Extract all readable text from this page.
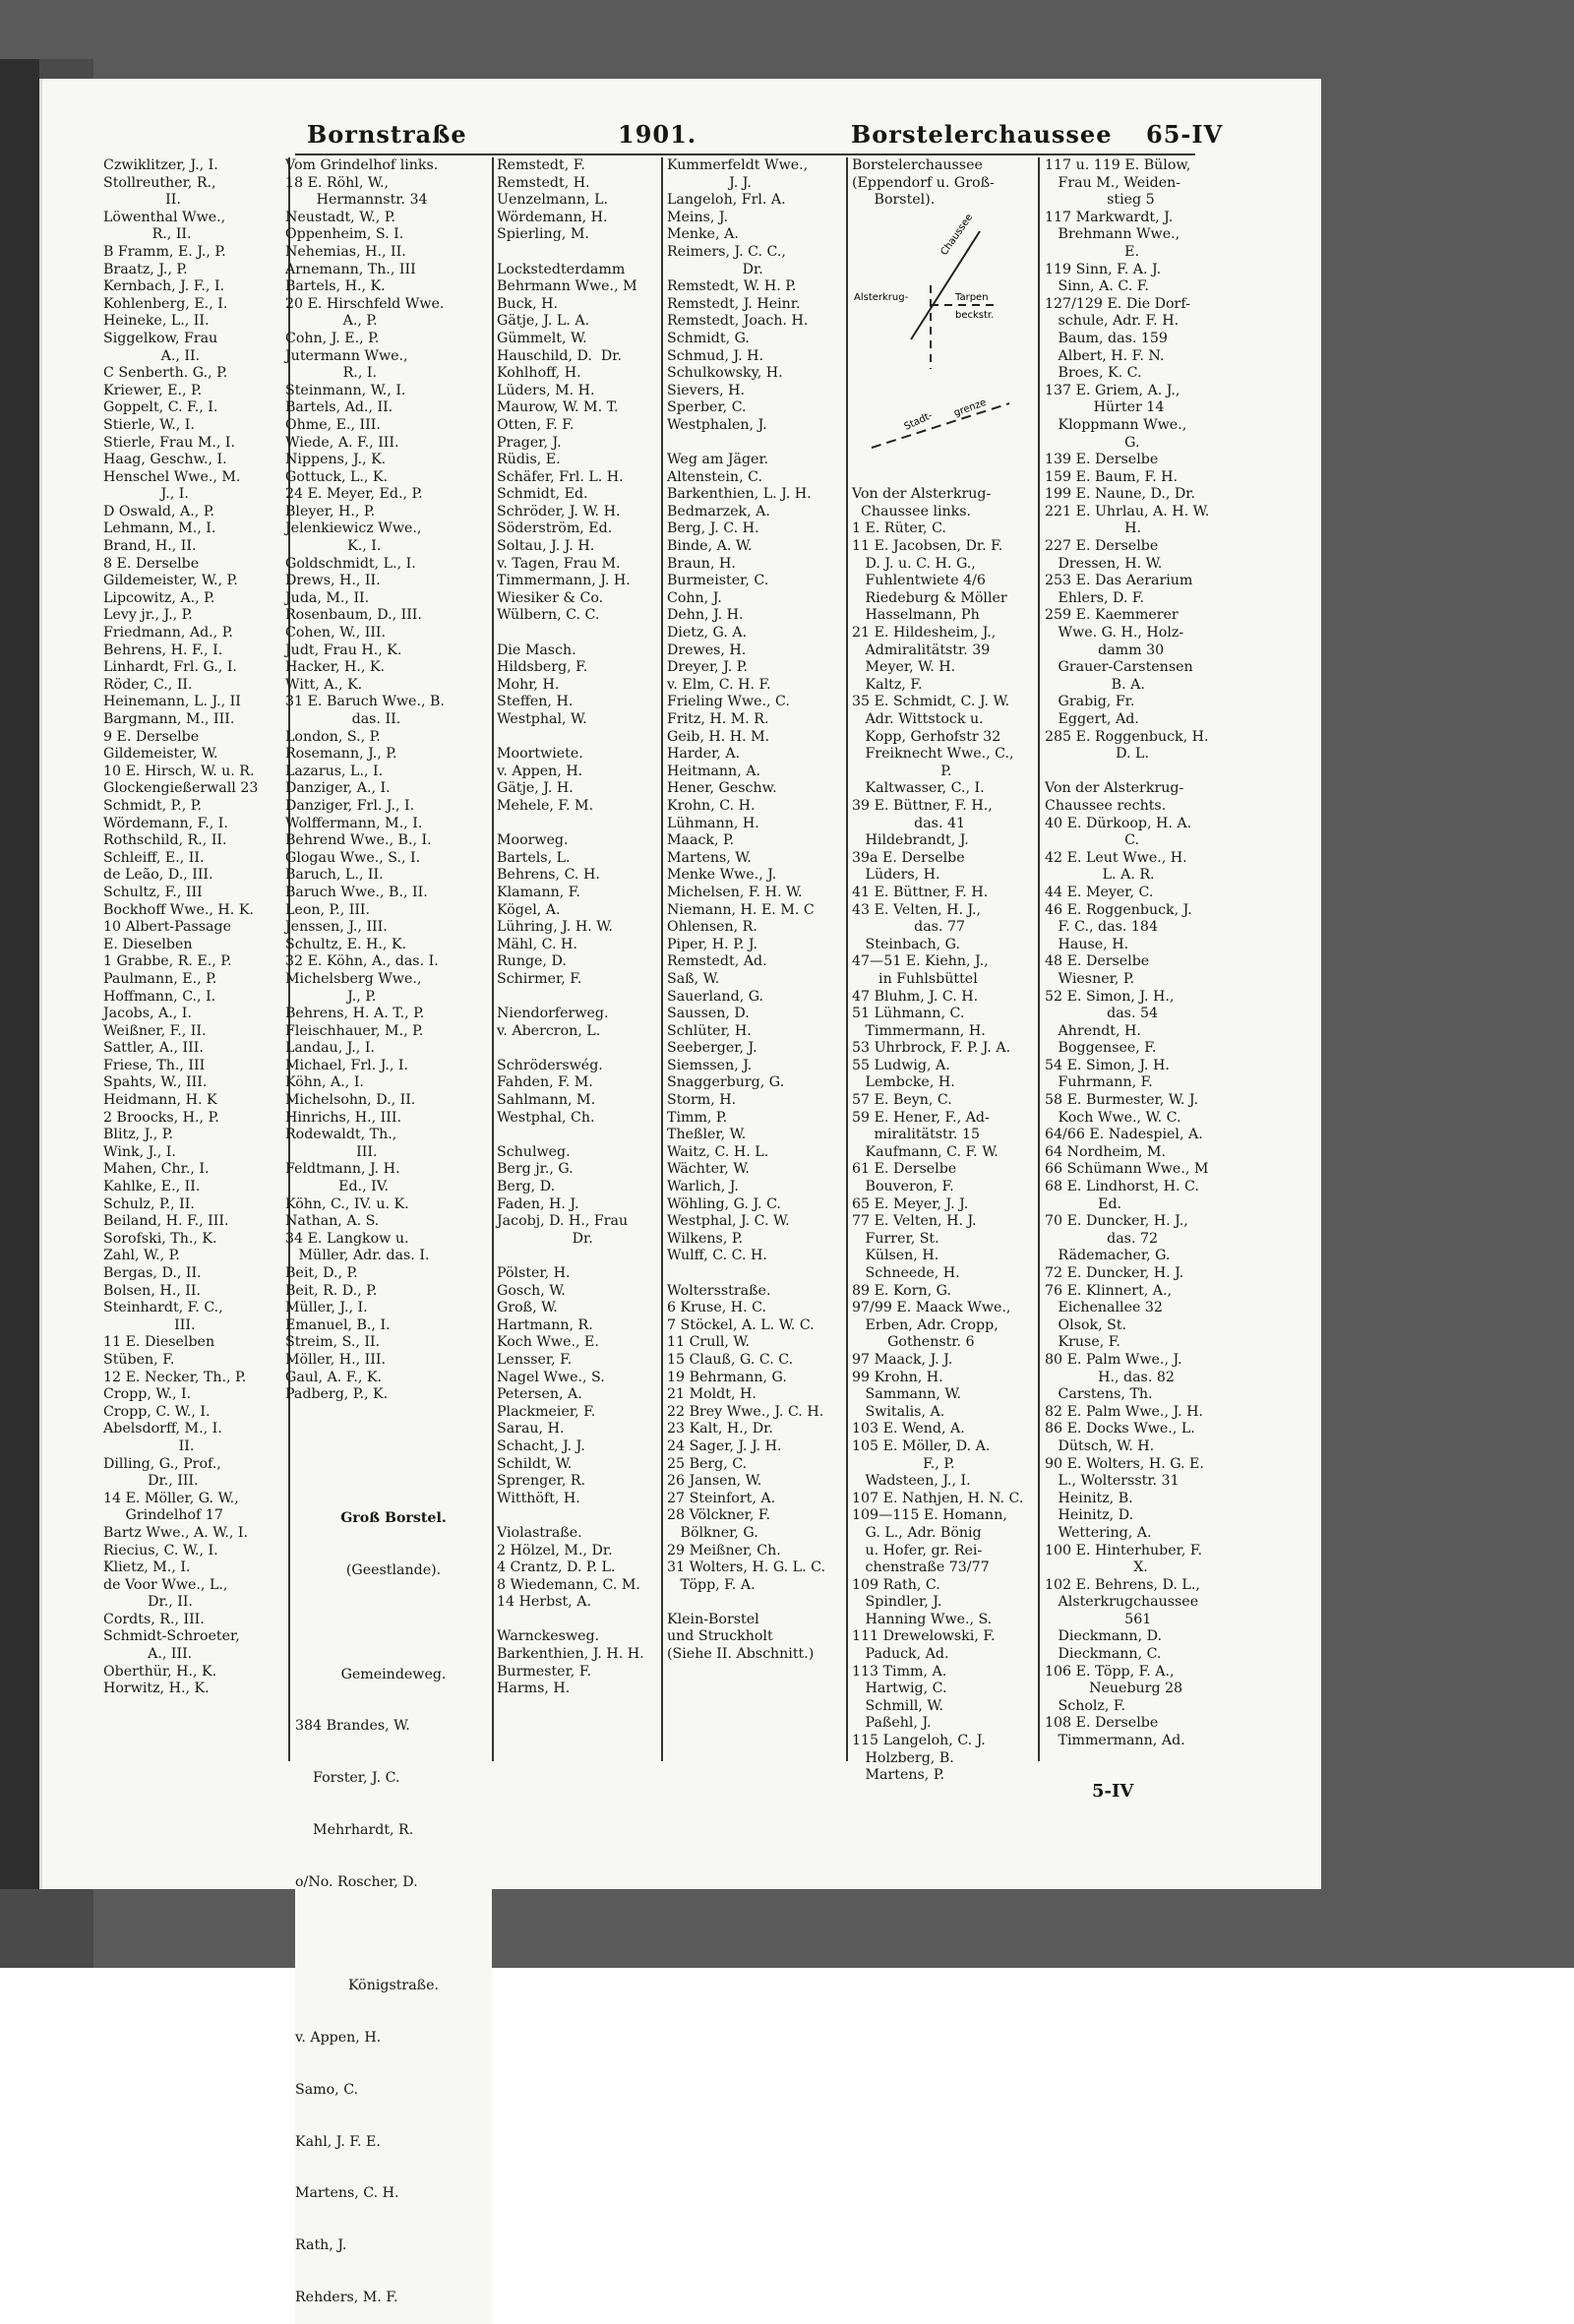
Bornstraße	1901.	Borstelerchaussee 65-IV
Czwiklitzer, J., I.
Stollreuther, R.,
II.
Löwenthal Wwe.,
R., II.
B Framm, E. J., P.
Braatz, J., P.
Kernbach, J. F., I.
Kohlenberg, E., I.
Heineke, L., II.
Siggelkow, Frau
A., II.
C Senberth. G., P.
Kriewer, E., P.
Goppelt, C. F., I.
Stierle, W., I.
Stierle, Frau M., I.
Haag, Geschw., I.
Henschel Wwe., M.
J., I.
D Oswald, A., P.
Lehmann, M., I.
Brand, H., II.
8 E. Derselbe
Gildemeister, W., P.
Lipcowitz, A., P.
Levy jr., J., P.
Friedmann, Ad., P.
Behrens, H. F., I.
Linhardt, Frl. G., I.
Röder, C., II.
Heinemann, L. J., II
Bargmann, M., III.
9 E. Derselbe
Gildemeister, W.
10 E. Hirsch, W. u. R.
Glockengießerwall 23
Schmidt, P., P.
Wördemann, F., I.
Rothschild, R., II.
Schleiff, E., II.
de Leão, D., III.
Schultz, F., III
Bockhoff Wwe., H. K.
10 Albert-Passage
E. Dieselben
1 Grabbe, R. E., P.
Paulmann, E., P.
Hoffmann, C., I.
Jacobs, A., I.
Weißner, F., II.
Sattler, A., III.
Friese, Th., III
Spahts, W., III.
Heidmann, H. K
2 Broocks, H., P.
Blitz, J., P.
Wink, J., I.
Mahen, Chr., I.
Kahlke, E., II.
Schulz, P., II.
Beiland, H. F., III.
Sorofski, Th., K.
Zahl, W., P.
Bergas, D., II.
Bolsen, H., II.
Steinhardt, F. C.,
III.
11 E. Dieselben
Stüben, F.
12 E. Necker, Th., P.
Cropp, W., I.
Cropp, C. W., I.
Abelsdorff, M., I.
II.
Dilling, G., Prof.,
Dr., III.
14 E. Möller, G. W.,
Grindelhof 17
Bartz Wwe., A. W., I.
Riecius, C. W., I.
Klietz, M., I.
de Voor Wwe., L.,
Dr., II.
Cordts, R., III.
Schmidt-Schroeter,
A., III.
Oberthür, H., K.
Horwitz, H., K.
Vom Grindelhof links.
18 E. Röhl, W.,
Hermannstr. 34
Neustadt, W., P.
Oppenheim, S. I.
Nehemias, H., II.
Arnemann, Th., III
Bartels, H., K.
20 E. Hirschfeld Wwe.
A., P.
Cohn, J. E., P.
Jutermann Wwe.,
R., I.
Steinmann, W., I.
Bartels, Ad., II.
Ohme, E., III.
Wiede, A. F., III.
Nippens, J., K.
Gottuck, L., K.
24 E. Meyer, Ed., P.
Bleyer, H., P.
Jelenkiewicz Wwe.,
K., I.
Goldschmidt, L., I.
Drews, H., II.
Juda, M., II.
Rosenbaum, D., III.
Cohen, W., III.
Judt, Frau H., K.
Hacker, H., K.
Witt, A., K.
31 E. Baruch Wwe., B.
das. II.
London, S., P.
Rosemann, J., P.
Lazarus, L., I.
Danziger, A., I.
Danziger, Frl. J., I.
Wolffermann, M., I.
Behrend Wwe., B., I.
Glogau Wwe., S., I.
Baruch, L., II.
Baruch Wwe., B., II.
Leon, P., III.
Jenssen, J., III.
Schultz, E. H., K.
32 E. Köhn, A., das. I.
Michelsberg Wwe.,
J., P.
Behrens, H. A. T., P.
Fleischhauer, M., P.
Landau, J., I.
Michael, Frl. J., I.
Köhn, A., I.
Michelsohn, D., II.
Hinrichs, H., III.
Rodewaldt, Th.,
III.
Feldtmann, J. H.
Ed., IV.
Köhn, C., IV. u. K.
Nathan, A. S.
34 E. Langkow u.
Müller, Adr. das. I.
Beit, D., P.
Beit, R. D., P.
Müller, J., I.
Emanuel, B., I.
Streim, S., II.
Möller, H., III.
Gaul, A. F., K.
Padberg, P., K.
Remstedt, F.
Remstedt, H.
Uenzelmann, L.
Wördemann, H.
Spierling, M.
Lockstedterdamm
Behrmann Wwe., M
Buck, H.
Gätje, J. L. A.
Gümmelt, W.
Hauschild, D.  Dr.
Kohlhoff, H.
Lüders, M. H.
Maurow, W. M. T.
Otten, F. F.
Prager, J.
Rüdis, E.
Schäfer, Frl. L. H.
Schmidt, Ed.
Schröder, J. W. H.
Söderström, Ed.
Soltau, J. J. H.
v. Tagen, Frau M.
Timmermann, J. H.
Wiesiker & Co.
Wülbern, C. C.
Die Masch.
Hildsberg, F.
Mohr, H.
Steffen, H.
Westphal, W.
Moortwiete.
v. Appen, H.
Gätje, J. H.
Mehele, F. M.
Moorweg.
Bartels, L.
Behrens, C. H.
Klamann, F.
Kögel, A.
Lühring, J. H. W.
Mähl, C. H.
Runge, D.
Schirmer, F.
Niendorferweg.
v. Abercron, L.
Schröderswég.
Fahden, F. M.
Sahlmann, M.
Westphal, Ch.
Schulweg.
Berg jr., G.
Berg, D.
Faden, H. J.
Jacobj, D. H., Frau
Dr.
Pölster, H.
Gosch, W.
Groß, W.
Hartmann, R.
Koch Wwe., E.
Lensser, F.
Nagel Wwe., S.
Petersen, A.
Plackmeier, F.
Sarau, H.
Schacht, J. J.
Schildt, W.
Sprenger, R.
Witthöft, H.
Violastraße.
2 Hölzel, M., Dr.
4 Crantz, D. P. L.
8 Wiedemann, C. M.
14 Herbst, A.
Warnckesweg.
Barkenthien, J. H. H.
Burmester, F.
Harms, H.
Kummerfeldt Wwe.,
J. J.
Langeloh, Frl. A.
Meins, J.
Menke, A.
Reimers, J. C. C.,
Dr.
Remstedt, W. H. P.
Remstedt, J. Heinr.
Remstedt, Joach. H.
Schmidt, G.
Schmud, J. H.
Schulkowsky, H.
Sievers, H.
Sperber, C.
Westphalen, J.
Weg am Jäger.
Altenstein, C.
Barkenthien, L. J. H.
Bedmarzek, A.
Berg, J. C. H.
Binde, A. W.
Braun, H.
Burmeister, C.
Cohn, J.
Dehn, J. H.
Dietz, G. A.
Drewes, H.
Dreyer, J. P.
v. Elm, C. H. F.
Frieling Wwe., C.
Fritz, H. M. R.
Geib, H. H. M.
Harder, A.
Heitmann, A.
Hener, Geschw.
Krohn, C. H.
Lühmann, H.
Maack, P.
Martens, W.
Menke Wwe., J.
Michelsen, F. H. W.
Niemann, H. E. M. C
Ohlensen, R.
Piper, H. P. J.
Remstedt, Ad.
Saß, W.
Sauerland, G.
Saussen, D.
Schlüter, H.
Seeberger, J.
Siemssen, J.
Snaggerburg, G.
Storm, H.
Timm, P.
Theßler, W.
Waitz, C. H. L.
Wächter, W.
Warlich, J.
Wöhling, G. J. C.
Westphal, J. C. W.
Wilkens, P.
Wulff, C. C. H.
Woltersstraße.
6 Kruse, H. C.
7 Stöckel, A. L. W. C.
11 Crull, W.
15 Clauß, G. C. C.
19 Behrmann, G.
21 Moldt, H.
22 Brey Wwe., J. C. H.
23 Kalt, H., Dr.
24 Sager, J. J. H.
25 Berg, C.
26 Jansen, W.
27 Steinfort, A.
28 Völckner, F.
Bölkner, G.
29 Meißner, Ch.
31 Wolters, H. G. L. C.
Töpp, F. A.
Klein-Borstel
und Struckholt
(Siehe II. Abschnitt.)
Borstelerchaussee
(Eppendorf u. Groß-
Borstel).
Von der Alsterkrug-
Chaussee links.
1 E. Rüter, C.
11 E. Jacobsen, Dr. F.
D. J. u. C. H. G.,
Fuhlentwiete 4/6
Riedeburg & Möller
Hasselmann, Ph
21 E. Hildesheim, J.,
Admiralitätstr. 39
Meyer, W. H.
Kaltz, F.
35 E. Schmidt, C. J. W.
Adr. Wittstock u.
Kopp, Gerhofstr 32
Freiknecht Wwe., C.,
P.
Kaltwasser, C., I.
39 E. Büttner, F. H.,
das. 41
Hildebrandt, J.
39a E. Derselbe
Lüders, H.
41 E. Büttner, F. H.
43 E. Velten, H. J.,
das. 77
Steinbach, G.
47—51 E. Kiehn, J.,
in Fuhlsbüttel
47 Bluhm, J. C. H.
51 Lühmann, C.
Timmermann, H.
53 Uhrbrock, F. P. J. A.
55 Ludwig, A.
Lembcke, H.
57 E. Beyn, C.
59 E. Hener, F., Ad-
miralitätstr. 15
Kaufmann, C. F. W.
61 E. Derselbe
Bouveron, F.
65 E. Meyer, J. J.
77 E. Velten, H. J.
Furrer, St.
Külsen, H.
Schneede, H.
89 E. Korn, G.
97/99 E. Maack Wwe.,
Erben, Adr. Cropp,
Gothenstr. 6
97 Maack, J. J.
99 Krohn, H.
Sammann, W.
Switalis, A.
103 E. Wend, A.
105 E. Möller, D. A.
F., P.
Wadsteen, J., I.
107 E. Nathjen, H. N. C.
109—115 E. Homann,
G. L., Adr. Bönig
u. Hofer, gr. Rei-
chenstraße 73/77
109 Rath, C.
Spindler, J.
Hanning Wwe., S.
111 Drewelowski, F.
Paduck, Ad.
113 Timm, A.
Hartwig, C.
Schmill, W.
Paßehl, J.
115 Langeloh, C. J.
Holzberg, B.
Martens, P.
117 u. 119 E. Bülow,
Frau M., Weiden-
stieg 5
117 Markwardt, J.
Brehmann Wwe.,
E.
119 Sinn, F. A. J.
Sinn, A. C. F.
127/129 E. Die Dorf-
schule, Adr. F. H.
Baum, das. 159
Albert, H. F. N.
Broes, K. C.
137 E. Griem, A. J.,
Hürter 14
Kloppmann Wwe.,
G.
139 E. Derselbe
159 E. Baum, F. H.
199 E. Naune, D., Dr.
221 E. Uhrlau, A. H. W.
H.
227 E. Derselbe
Dressen, H. W.
253 E. Das Aerarium
Ehlers, D. F.
259 E. Kaemmerer
Wwe. G. H., Holz-
damm 30
Grauer-Carstensen
B. A.
Grabig, Fr.
Eggert, Ad.
285 E. Roggenbuck, H.
D. L.
Von der Alsterkrug-
Chaussee rechts.
40 E. Dürkoop, H. A.
C.
42 E. Leut Wwe., H.
L. A. R.
44 E. Meyer, C.
46 E. Roggenbuck, J.
F. C., das. 184
Hause, H.
48 E. Derselbe
Wiesner, P.
52 E. Simon, J. H.,
das. 54
Ahrendt, H.
Boggensee, F.
54 E. Simon, J. H.
Fuhrmann, F.
58 E. Burmester, W. J.
Koch Wwe., W. C.
64/66 E. Nadespiel, A.
64 Nordheim, M.
66 Schümann Wwe., M
68 E. Lindhorst, H. C.
Ed.
70 E. Duncker, H. J.,
das. 72
Rädemacher, G.
72 E. Duncker, H. J.
76 E. Klinnert, A.,
Eichenallee 32
Olsok, St.
Kruse, F.
80 E. Palm Wwe., J.
H., das. 82
Carstens, Th.
82 E. Palm Wwe., J. H.
86 E. Docks Wwe., L.
Dütsch, W. H.
90 E. Wolters, H. G. E.
L., Woltersstr. 31
Heinitz, B.
Heinitz, D.
Wettering, A.
100 E. Hinterhuber, F.
X.
102 E. Behrens, D. L.,
Alsterkrugchaussee
561
Dieckmann, D.
Dieckmann, C.
106 E. Töpp, F. A.,
Neueburg 28
Scholz, F.
108 E. Derselbe
Timmermann, Ad.

Groß Borstel.

(Geestlande).

Gemeindeweg.

384 Brandes, W.

Forster, J. C.

Mehrhardt, R.

o/No. Roscher, D.

Königstraße.

v. Appen, H.

Samo, C.

Kahl, J. F. E.

Martens, C. H.

Rath, J.

Rehders, M. F.

Alsterkrug-
Chaussee
Tarpen
beckstr.
Stadt-
grenze
5-IV
